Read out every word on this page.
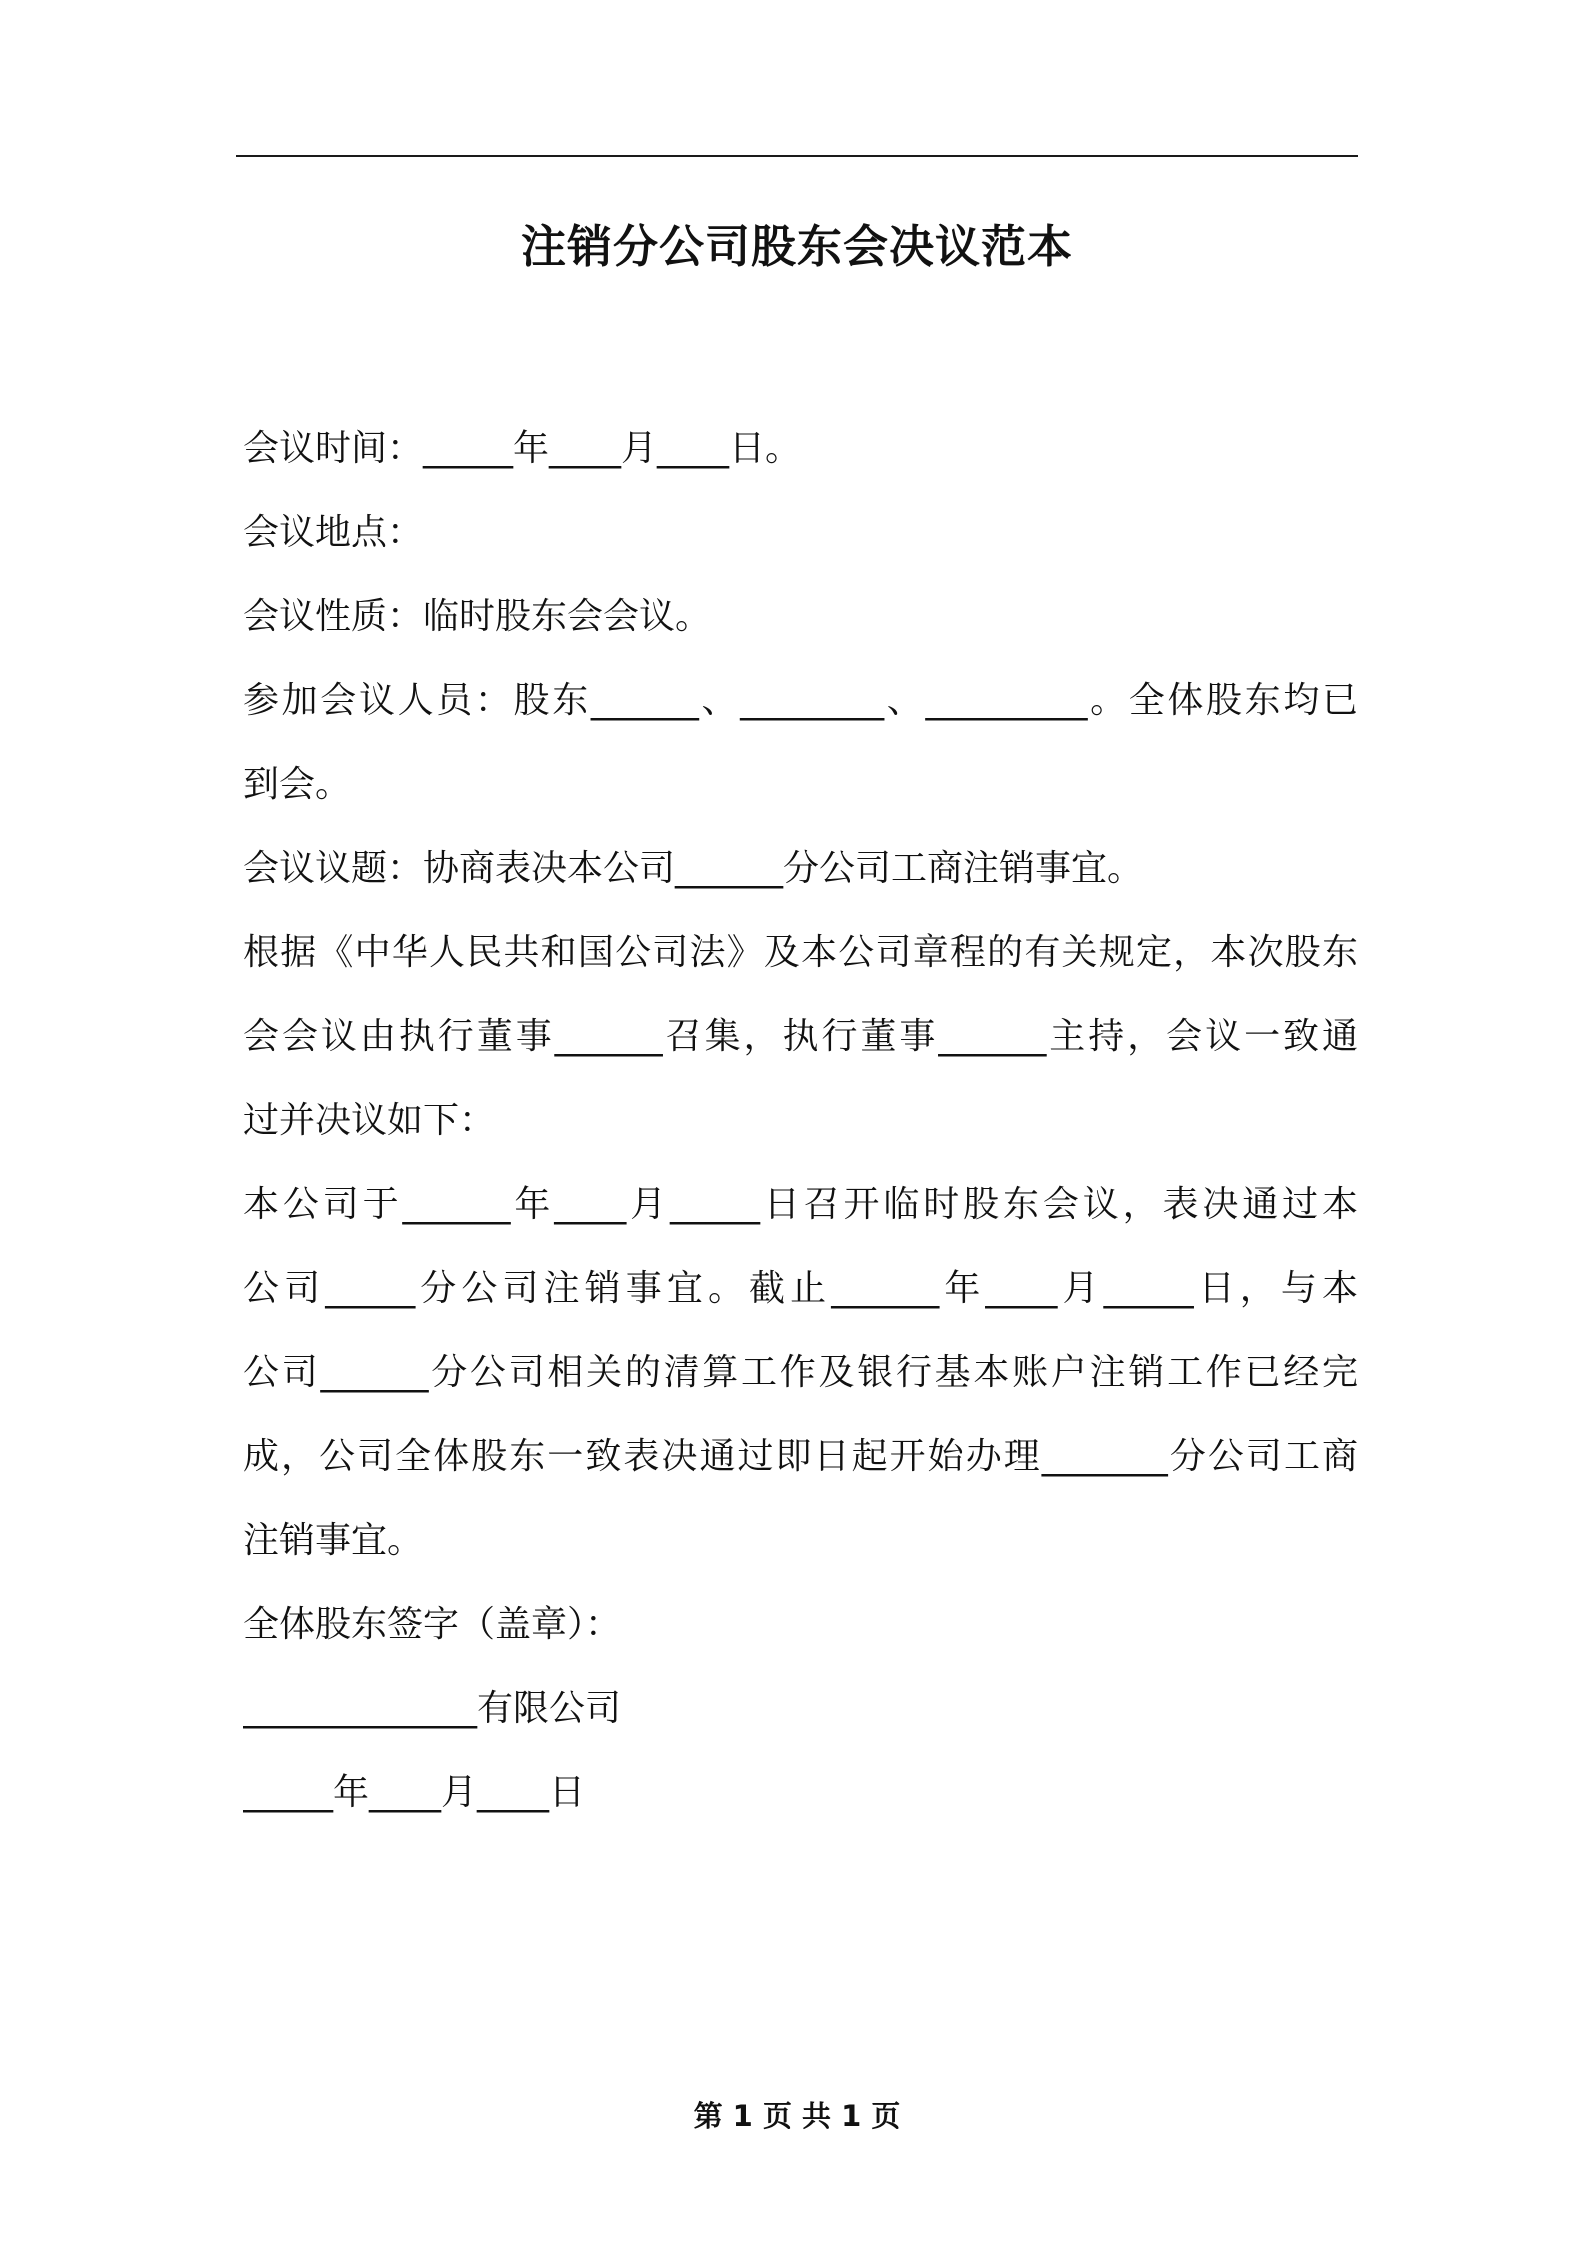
注销分公司股东会决议范本
会议时间：_____年____月____日。
会议地点：
会议性质：临时股东会会议。
参加会议人员：股东______、________、_________。全体股东均已
到会。
会议议题：协商表决本公司______分公司工商注销事宜。
根据《中华人民共和国公司法》及本公司章程的有关规定，本次股东
会会议由执行董事______召集，执行董事______主持，会议一致通
过并决议如下：
本公司于______年____月_____日召开临时股东会议，表决通过本
公司_____分公司注销事宜。截止______年____月_____日，与本
公司______分公司相关的清算工作及银行基本账户注销工作已经完
成，公司全体股东一致表决通过即日起开始办理_______分公司工商
注销事宜。
全体股东签字（盖章）：
_____________有限公司
_____年____月____日
第 1 页 共 1 页
